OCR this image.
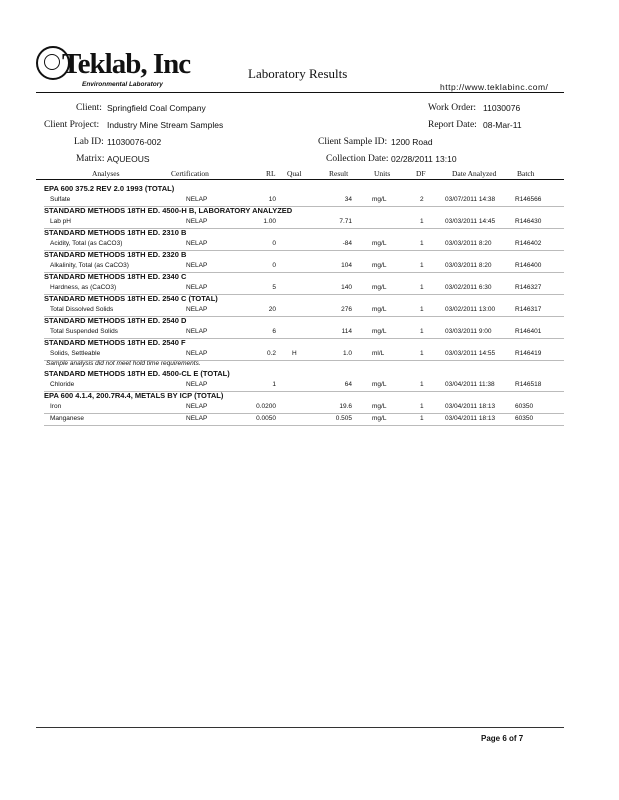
Teklab, Inc
Environmental Laboratory
Laboratory Results
http://www.teklabinc.com/
Client: Springfield Coal Company	Work Order: 11030076
Client Project: Industry Mine Stream Samples	Report Date: 08-Mar-11
Lab ID: 11030076-002	Client Sample ID: 1200 Road
Matrix: AQUEOUS	Collection Date: 02/28/2011 13:10
Analyses	Certification	RL Qual	Result	Units	DF	Date Analyzed	Batch
EPA 600 375.2 REV 2.0 1993 (TOTAL)
Sulfate	NELAP	10	34	mg/L	2	03/07/2011 14:38	R146566
STANDARD METHODS 18TH ED. 4500-H B, LABORATORY ANALYZED
Lab pH	NELAP	1.00	7.71	1	03/03/2011 14:45	R146430
STANDARD METHODS 18TH ED. 2310 B
Acidity, Total (as CaCO3)	NELAP	0	-84	mg/L	1	03/03/2011 8:20	R146402
STANDARD METHODS 18TH ED. 2320 B
Alkalinity, Total (as CaCO3)	NELAP	0	104	mg/L	1	03/03/2011 8:20	R146400
STANDARD METHODS 18TH ED. 2340 C
Hardness, as (CaCO3)	NELAP	5	140	mg/L	1	03/02/2011 6:30	R146327
STANDARD METHODS 18TH ED. 2540 C (TOTAL)
Total Dissolved Solids	NELAP	20	276	mg/L	1	03/02/2011 13:00	R146317
STANDARD METHODS 18TH ED. 2540 D
Total Suspended Solids	NELAP	6	114	mg/L	1	03/03/2011 9:00	R146401
STANDARD METHODS 18TH ED. 2540 F
Solids, Settleable	NELAP	0.2 H	1.0	ml/L	1	03/03/2011 14:55	R146419
Sample analysis did not meet hold time requirements.
STANDARD METHODS 18TH ED. 4500-CL E (TOTAL)
Chloride	NELAP	1	64	mg/L	1	03/04/2011 11:38	R146518
EPA 600 4.1.4, 200.7R4.4, METALS BY ICP (TOTAL)
Iron	NELAP	0.0200	19.6	mg/L	1	03/04/2011 18:13	60350
Manganese	NELAP	0.0050	0.505	mg/L	1	03/04/2011 18:13	60350
Page 6 of 7
